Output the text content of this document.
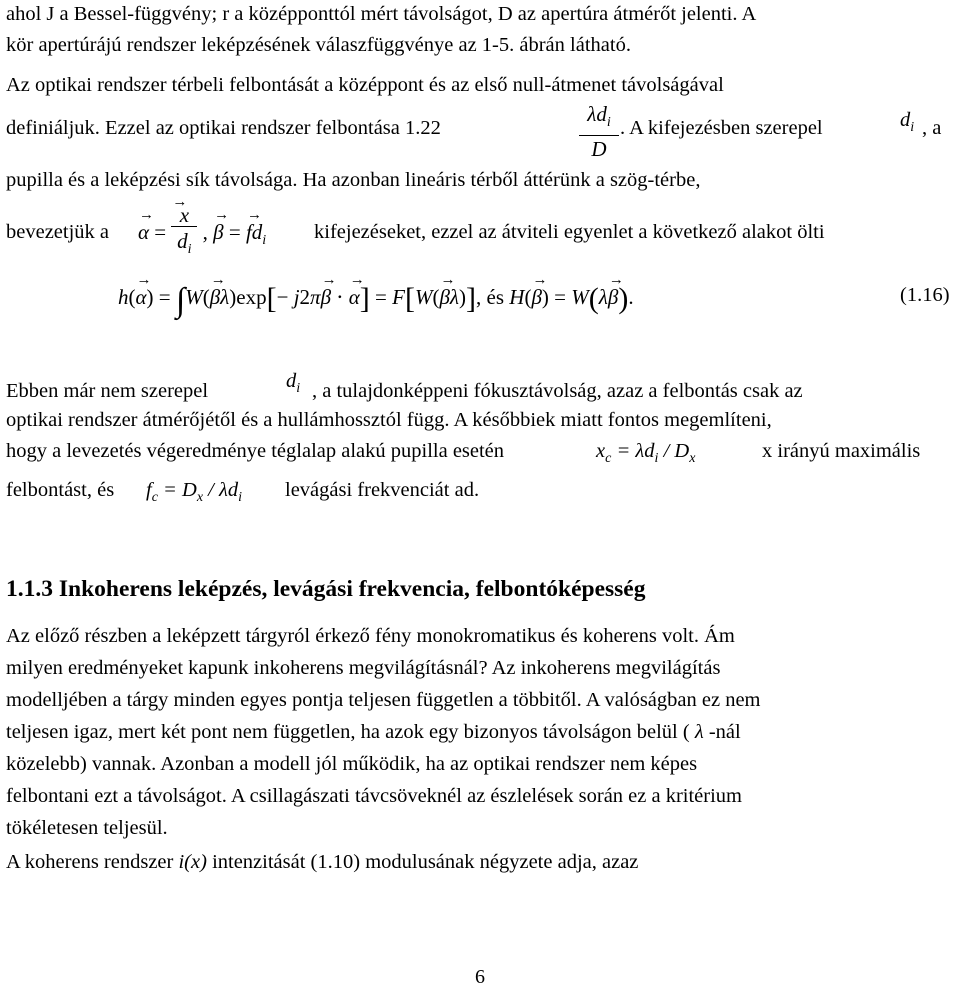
ahol J a Bessel-függvény; r a középponttól mért távolságot, D az apertúra átmérőt jelenti. A
kör apertúrájú rendszer leképzésének válaszfüggvénye az 1-5. ábrán látható.
Az optikai rendszer térbeli felbontását a középpont és az első null-átmenet távolságával
definiáljuk. Ezzel az optikai rendszer felbontása 1.22
$\lambda d_i$
D
. A kifejezésben szerepel	$d_i$ , a
pupilla és a leképzési sík távolsága. Ha azonban lineáris térből áttérünk a szög-térbe,
bevezetjük a → α = → $\frac{x}{d_i}$ , → β = → $fd_i$ kifejezéseket, ezzel az átviteli egyenlet a következő alakot ölti
h(→ α) = ∫W(→ βλ)exp[− j2π→ β ⋅ → α] = F[W(→ βλ)], és H(→ β) = W(λ→ β).	(1.16)
Ebben már nem szerepel	$d_i$ , a tulajdonképpeni fókusztávolság, azaz a felbontás csak az
optikai rendszer átmérőjétől és a hullámhossztól függ. A későbbiek miatt fontos megemlíteni,
hogy a levezetés végeredménye téglalap alakú pupilla esetén	$x_c = \lambda d_i / D_x$	x irányú maximális
felbontást, és $f_c = D_x / \lambda d_i$ levágási frekvenciát ad.
1.1.3 Inkoherens leképzés, levágási frekvencia, felbontóképesség
Az előző részben a leképzett tárgyról érkező fény monokromatikus és koherens volt. Ám
milyen eredményeket kapunk inkoherens megvilágításnál? Az inkoherens megvilágítás
modelljében a tárgy minden egyes pontja teljesen független a többitől. A valóságban ez nem
teljesen igaz, mert két pont nem független, ha azok egy bizonyos távolságon belül ( λ -nál
közelebb) vannak. Azonban a modell jól működik, ha az optikai rendszer nem képes
felbontani ezt a távolságot. A csillagászati távcsöveknél az észlelések során ez a kritérium
tökéletesen teljesül.
A koherens rendszer i(x) intenzitását (1.10) modulusának négyzete adja, azaz
6
